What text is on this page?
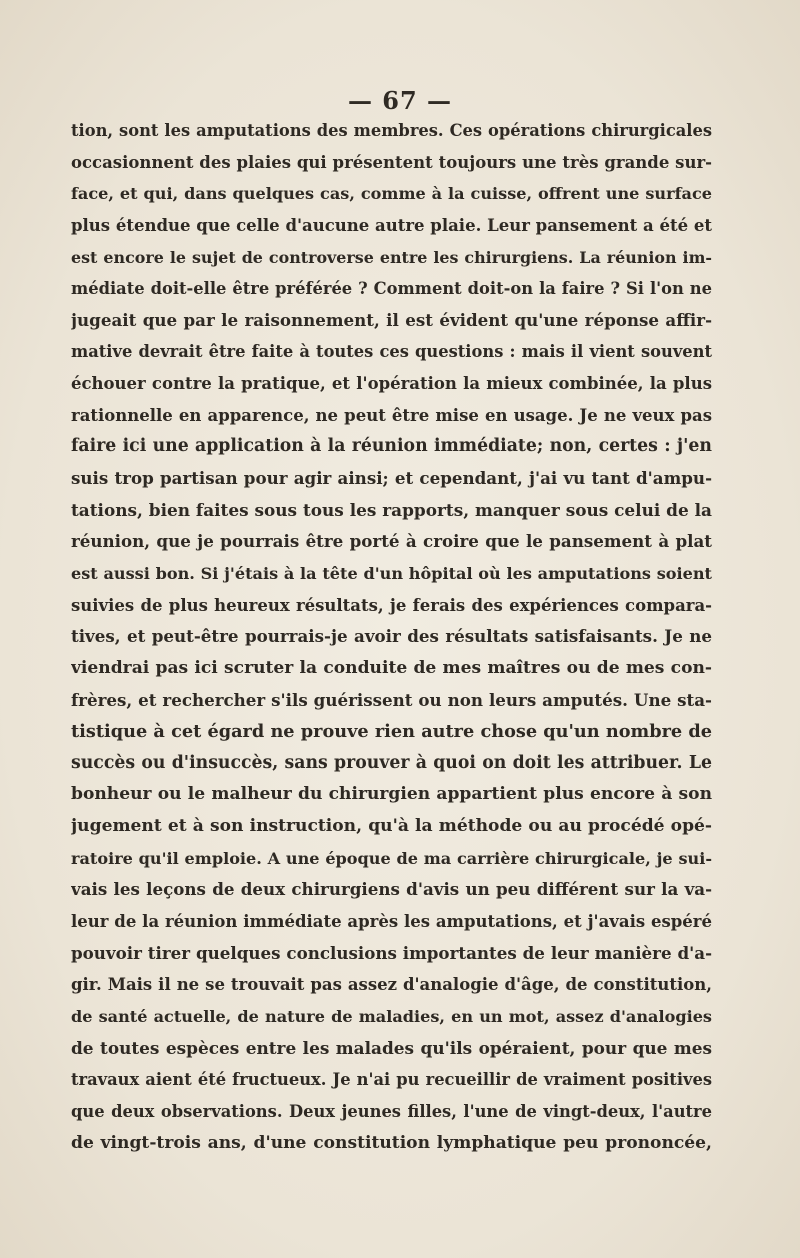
— 67 —
tion, sont les amputations des membres. Ces opérations chirurgicales
occasionnent des plaies qui présentent toujours une très grande sur-
face, et qui, dans quelques cas, comme à la cuisse, offrent une surface
plus étendue que celle d'aucune autre plaie. Leur pansement a été et
est encore le sujet de controverse entre les chirurgiens. La réunion im-
médiate doit-elle être préférée ? Comment doit-on la faire ? Si l'on ne
jugeait que par le raisonnement, il est évident qu'une réponse affir-
mative devrait être faite à toutes ces questions : mais il vient souvent
échouer contre la pratique, et l'opération la mieux combinée, la plus
rationnelle en apparence, ne peut être mise en usage. Je ne veux pas
faire ici une application à la réunion immédiate; non, certes : j'en
suis trop partisan pour agir ainsi; et cependant, j'ai vu tant d'ampu-
tations, bien faites sous tous les rapports, manquer sous celui de la
réunion, que je pourrais être porté à croire que le pansement à plat
est aussi bon. Si j'étais à la tête d'un hôpital où les amputations soient
suivies de plus heureux résultats, je ferais des expériences compara-
tives, et peut-être pourrais-je avoir des résultats satisfaisants. Je ne
viendrai pas ici scruter la conduite de mes maîtres ou de mes con-
frères, et rechercher s'ils guérissent ou non leurs amputés. Une sta-
tistique à cet égard ne prouve rien autre chose qu'un nombre de
succès ou d'insuccès, sans prouver à quoi on doit les attribuer. Le
bonheur ou le malheur du chirurgien appartient plus encore à son
jugement et à son instruction, qu'à la méthode ou au procédé opé-
ratoire qu'il emploie. A une époque de ma carrière chirurgicale, je sui-
vais les leçons de deux chirurgiens d'avis un peu différent sur la va-
leur de la réunion immédiate après les amputations, et j'avais espéré
pouvoir tirer quelques conclusions importantes de leur manière d'a-
gir. Mais il ne se trouvait pas assez d'analogie d'âge, de constitution,
de santé actuelle, de nature de maladies, en un mot, assez d'analogies
de toutes espèces entre les malades qu'ils opéraient, pour que mes
travaux aient été fructueux. Je n'ai pu recueillir de vraiment positives
que deux observations. Deux jeunes filles, l'une de vingt-deux, l'autre
de vingt-trois ans, d'une constitution lymphatique peu prononcée,
